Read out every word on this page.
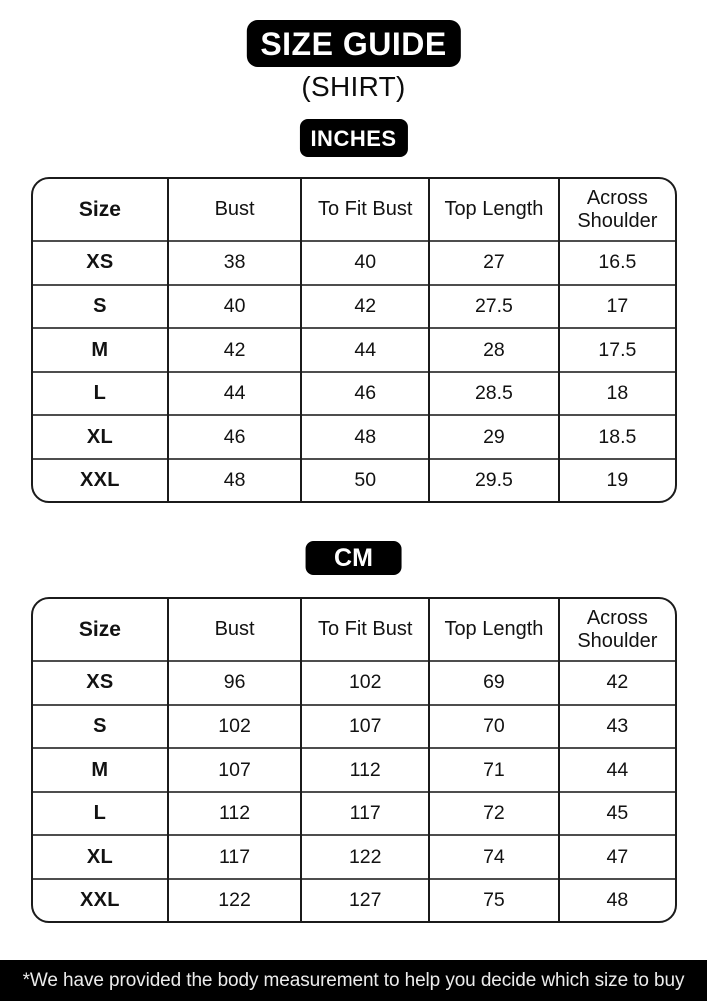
SIZE GUIDE
(SHIRT)
INCHES
Size	Bust	To Fit Bust	Top Length	Across Shoulder
XS	38	40	27	16.5
S	40	42	27.5	17
M	42	44	28	17.5
L	44	46	28.5	18
XL	46	48	29	18.5
XXL	48	50	29.5	19
CM
Size	Bust	To Fit Bust	Top Length	Across Shoulder
XS	96	102	69	42
S	102	107	70	43
M	107	112	71	44
L	112	117	72	45
XL	117	122	74	47
XXL	122	127	75	48
*We have provided the body measurement to help you decide which size to buy
